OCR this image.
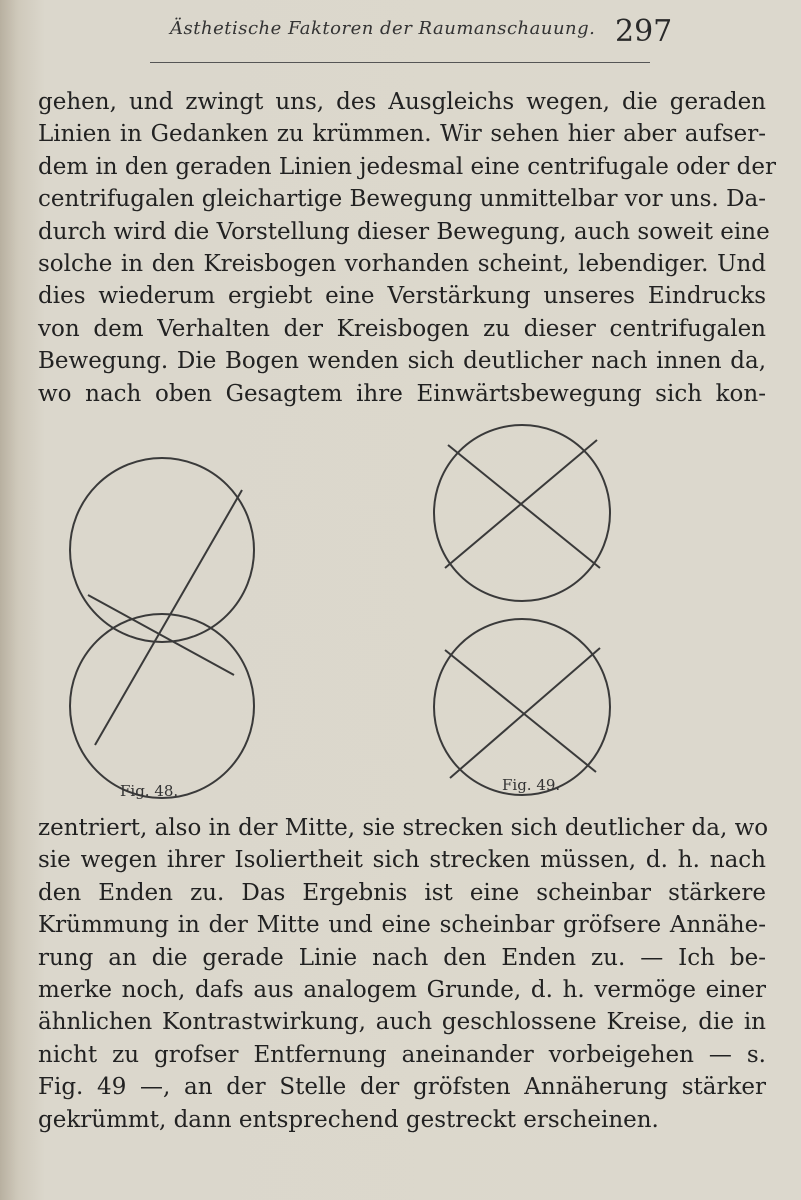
Ästhetische Faktoren der Raumanschauung. 297
gehen, und zwingt uns, des Ausgleichs wegen, die geraden
Linien in Gedanken zu krümmen. Wir sehen hier aber aufser-
dem in den geraden Linien jedesmal eine centrifugale oder der
centrifugalen gleichartige Bewegung unmittelbar vor uns. Da-
durch wird die Vorstellung dieser Bewegung, auch soweit eine
solche in den Kreisbogen vorhanden scheint, lebendiger. Und
dies wiederum ergiebt eine Verstärkung unseres Eindrucks
von dem Verhalten der Kreisbogen zu dieser centrifugalen
Bewegung. Die Bogen wenden sich deutlicher nach innen da,
wo nach oben Gesagtem ihre Einwärtsbewegung sich kon-
Fig. 48.	Fig. 49.
zentriert, also in der Mitte, sie strecken sich deutlicher da, wo
sie wegen ihrer Isoliertheit sich strecken müssen, d. h. nach
den Enden zu. Das Ergebnis ist eine scheinbar stärkere
Krümmung in der Mitte und eine scheinbar gröfsere Annähe-
rung an die gerade Linie nach den Enden zu. — Ich be-
merke noch, dafs aus analogem Grunde, d. h. vermöge einer
ähnlichen Kontrastwirkung, auch geschlossene Kreise, die in
nicht zu grofser Entfernung aneinander vorbeigehen — s.
Fig. 49 —, an der Stelle der gröfsten Annäherung stärker
gekrümmt, dann entsprechend gestreckt erscheinen.
